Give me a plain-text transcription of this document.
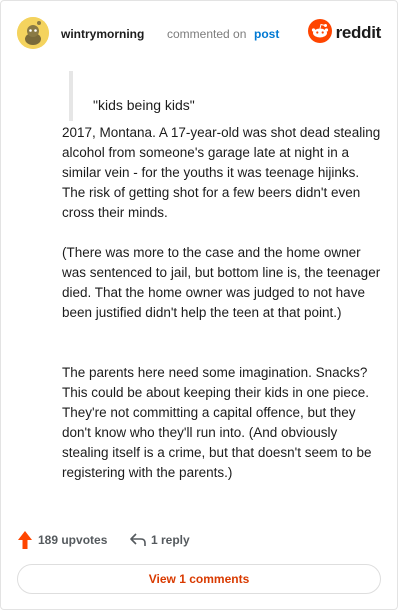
wintrymorning commented on post	reddit
"kids being kids"

2017, Montana. A 17-year-old was shot dead stealing alcohol from someone's garage late at night in a similar vein - for the youths it was teenage hijinks. The risk of getting shot for a few beers didn't even cross their minds.

(There was more to the case and the home owner was sentenced to jail, but bottom line is, the teenager died. That the home owner was judged to not have been justified didn't help the teen at that point.)

The parents here need some imagination. Snacks? This could be about keeping their kids in one piece. They're not committing a capital offence, but they don't know who they'll run into. (And obviously stealing itself is a crime, but that doesn't seem to be registering with the parents.)

189 upvotes	1 reply
View 1 comments
